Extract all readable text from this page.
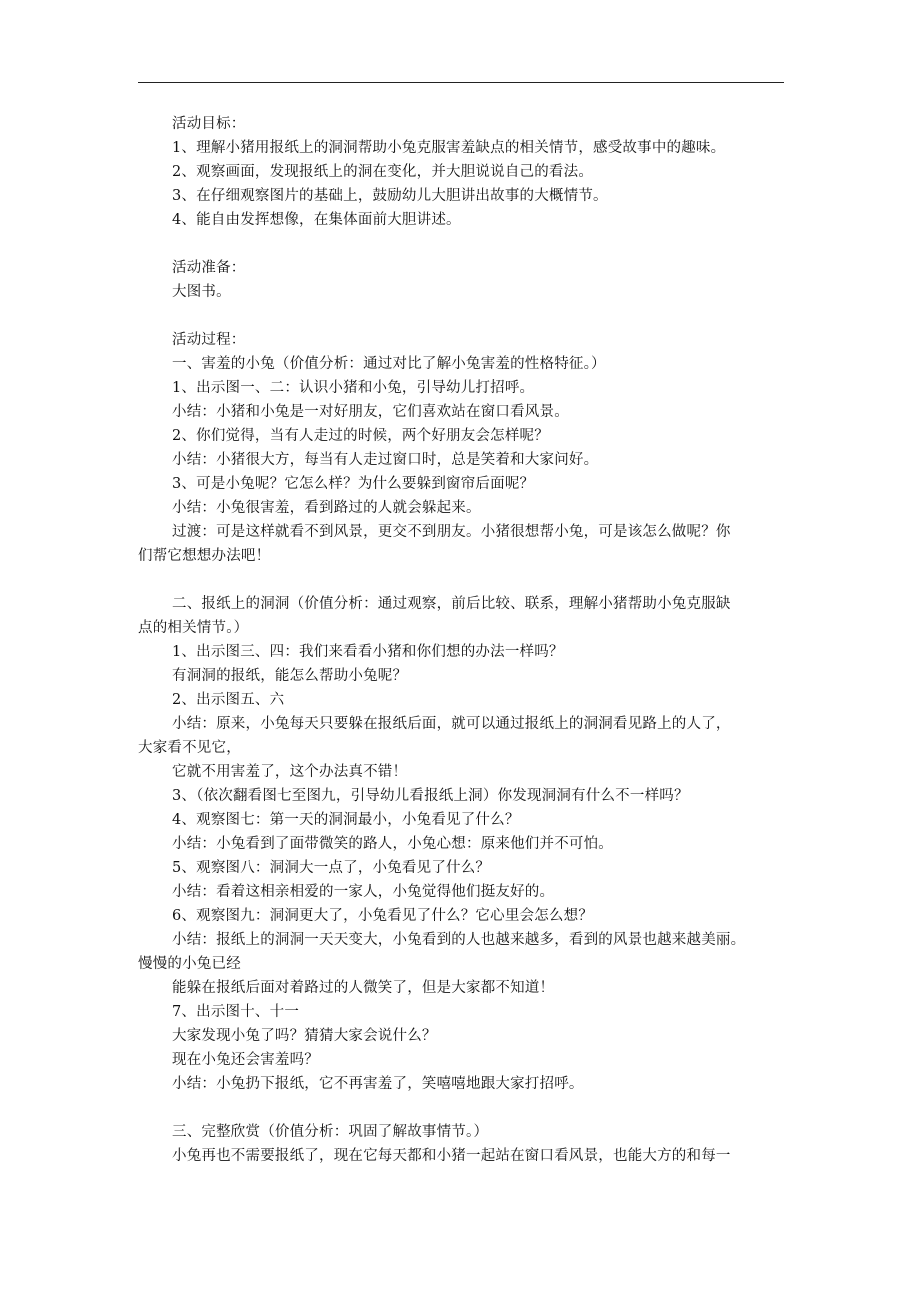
活动目标：
1、理解小猪用报纸上的洞洞帮助小兔克服害羞缺点的相关情节，感受故事中的趣味。
2、观察画面，发现报纸上的洞在变化，并大胆说说自己的看法。
3、在仔细观察图片的基础上，鼓励幼儿大胆讲出故事的大概情节。
4、能自由发挥想像，在集体面前大胆讲述。
活动准备：
大图书。
活动过程：
一、害羞的小兔（价值分析：通过对比了解小兔害羞的性格特征。）
1、出示图一、二：认识小猪和小兔，引导幼儿打招呼。
小结：小猪和小兔是一对好朋友，它们喜欢站在窗口看风景。
2、你们觉得，当有人走过的时候，两个好朋友会怎样呢？
小结：小猪很大方，每当有人走过窗口时，总是笑着和大家问好。
3、可是小兔呢？它怎么样？为什么要躲到窗帘后面呢？
小结：小兔很害羞，看到路过的人就会躲起来。
过渡：可是这样就看不到风景，更交不到朋友。小猪很想帮小兔，可是该怎么做呢？你
们帮它想想办法吧！
二、报纸上的洞洞（价值分析：通过观察，前后比较、联系，理解小猪帮助小兔克服缺
点的相关情节。）
1、出示图三、四：我们来看看小猪和你们想的办法一样吗？
有洞洞的报纸，能怎么帮助小兔呢？
2、出示图五、六
小结：原来，小兔每天只要躲在报纸后面，就可以通过报纸上的洞洞看见路上的人了，
大家看不见它，
它就不用害羞了，这个办法真不错！
3、（依次翻看图七至图九，引导幼儿看报纸上洞）你发现洞洞有什么不一样吗？
4、观察图七：第一天的洞洞最小，小兔看见了什么？
小结：小兔看到了面带微笑的路人，小兔心想：原来他们并不可怕。
5、观察图八：洞洞大一点了，小兔看见了什么？
小结：看着这相亲相爱的一家人，小兔觉得他们挺友好的。
6、观察图九：洞洞更大了，小兔看见了什么？它心里会怎么想？
小结：报纸上的洞洞一天天变大，小兔看到的人也越来越多，看到的风景也越来越美丽。
慢慢的小兔已经
能躲在报纸后面对着路过的人微笑了，但是大家都不知道！
7、出示图十、十一
大家发现小兔了吗？猜猜大家会说什么？
现在小兔还会害羞吗？
小结：小兔扔下报纸，它不再害羞了，笑嘻嘻地跟大家打招呼。
三、完整欣赏（价值分析：巩固了解故事情节。）
小兔再也不需要报纸了，现在它每天都和小猪一起站在窗口看风景，也能大方的和每一
